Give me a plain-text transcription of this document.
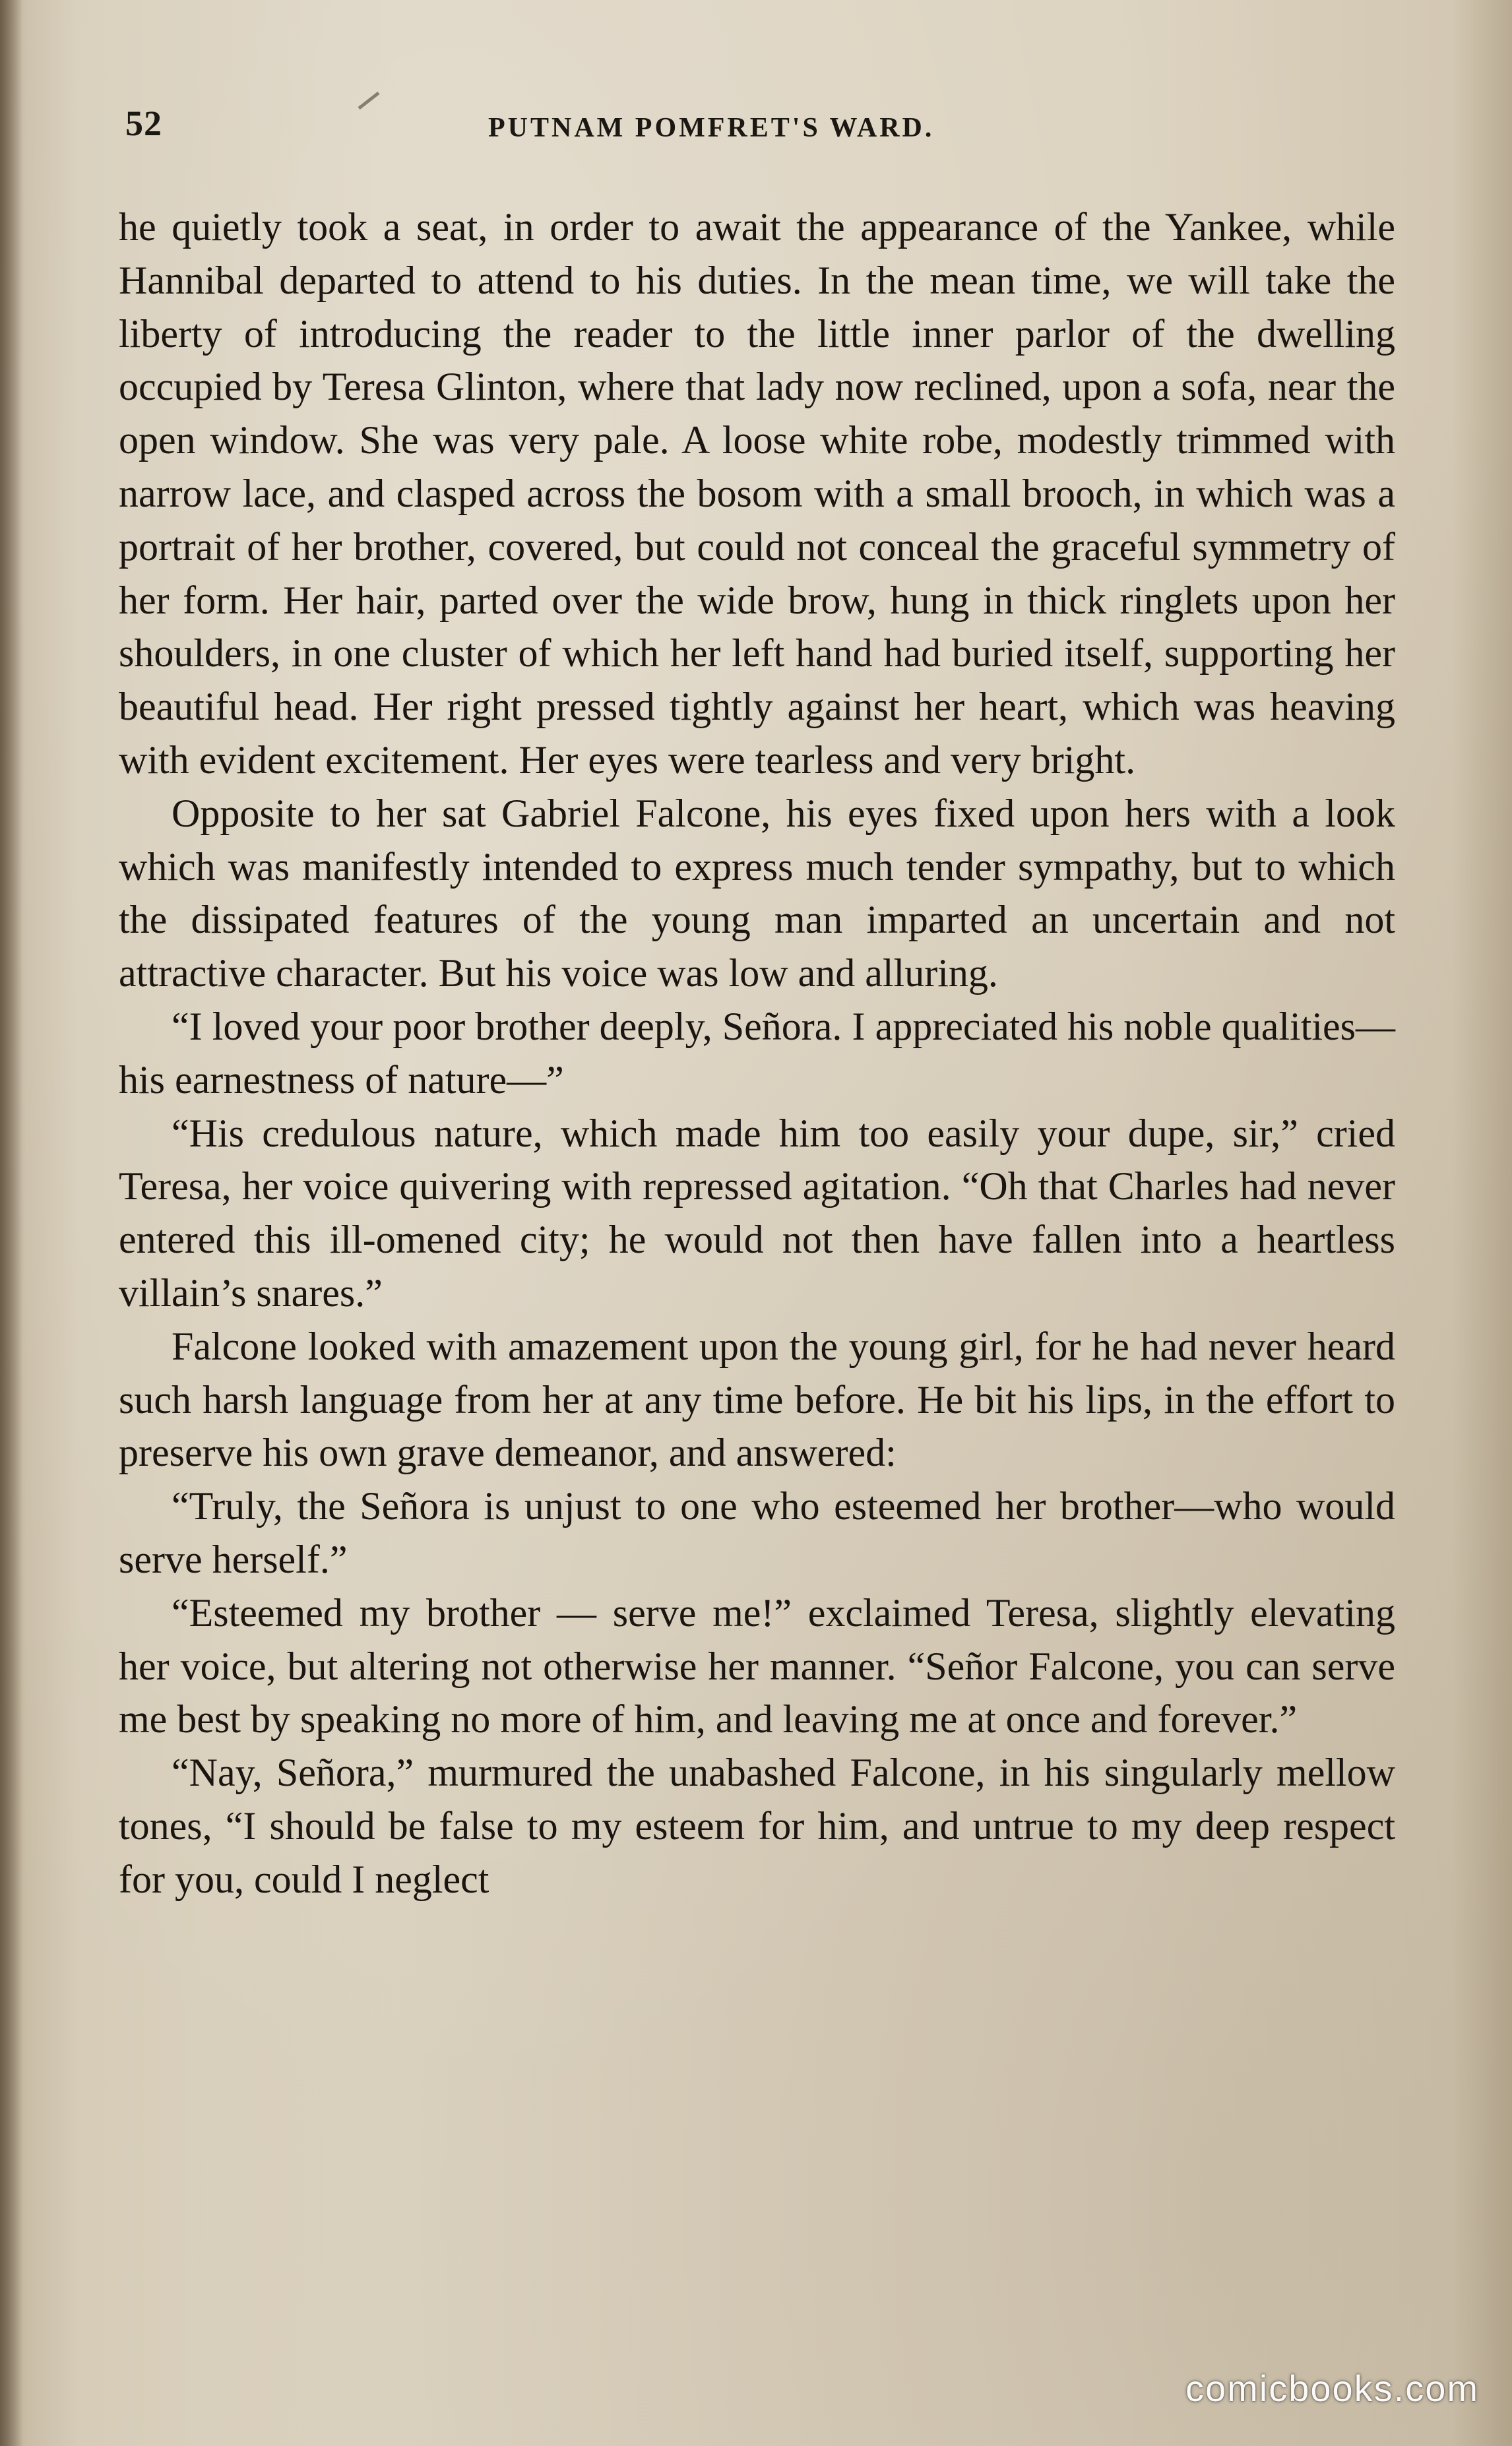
52	PUTNAM POMFRET'S WARD.

he quietly took a seat, in order to await the appearance of the Yankee, while Hannibal departed to attend to his duties. In the mean time, we will take the liberty of introducing the reader to the little inner parlor of the dwelling occupied by Teresa Glinton, where that lady now reclined, upon a sofa, near the open window. She was very pale. A loose white robe, modestly trimmed with narrow lace, and clasped across the bosom with a small brooch, in which was a portrait of her brother, covered, but could not conceal the graceful symmetry of her form. Her hair, parted over the wide brow, hung in thick ringlets upon her shoulders, in one cluster of which her left hand had buried itself, supporting her beautiful head. Her right pressed tightly against her heart, which was heaving with evident excitement. Her eyes were tearless and very bright.

Opposite to her sat Gabriel Falcone, his eyes fixed upon hers with a look which was manifestly intended to express much tender sympathy, but to which the dissipated features of the young man imparted an uncertain and not attractive character. But his voice was low and alluring.

“I loved your poor brother deeply, Señora. I appreciated his noble qualities—his earnestness of nature—”

“His credulous nature, which made him too easily your dupe, sir,” cried Teresa, her voice quivering with repressed agitation. “Oh that Charles had never entered this ill-omened city; he would not then have fallen into a heartless villain’s snares.”

Falcone looked with amazement upon the young girl, for he had never heard such harsh language from her at any time before. He bit his lips, in the effort to preserve his own grave demeanor, and answered:

“Truly, the Señora is unjust to one who esteemed her brother—who would serve herself.”

“Esteemed my brother — serve me!” exclaimed Teresa, slightly elevating her voice, but altering not otherwise her manner. “Señor Falcone, you can serve me best by speaking no more of him, and leaving me at once and forever.”

“Nay, Señora,” murmured the unabashed Falcone, in his singularly mellow tones, “I should be false to my esteem for him, and untrue to my deep respect for you, could I neglect

comicbooks.com
